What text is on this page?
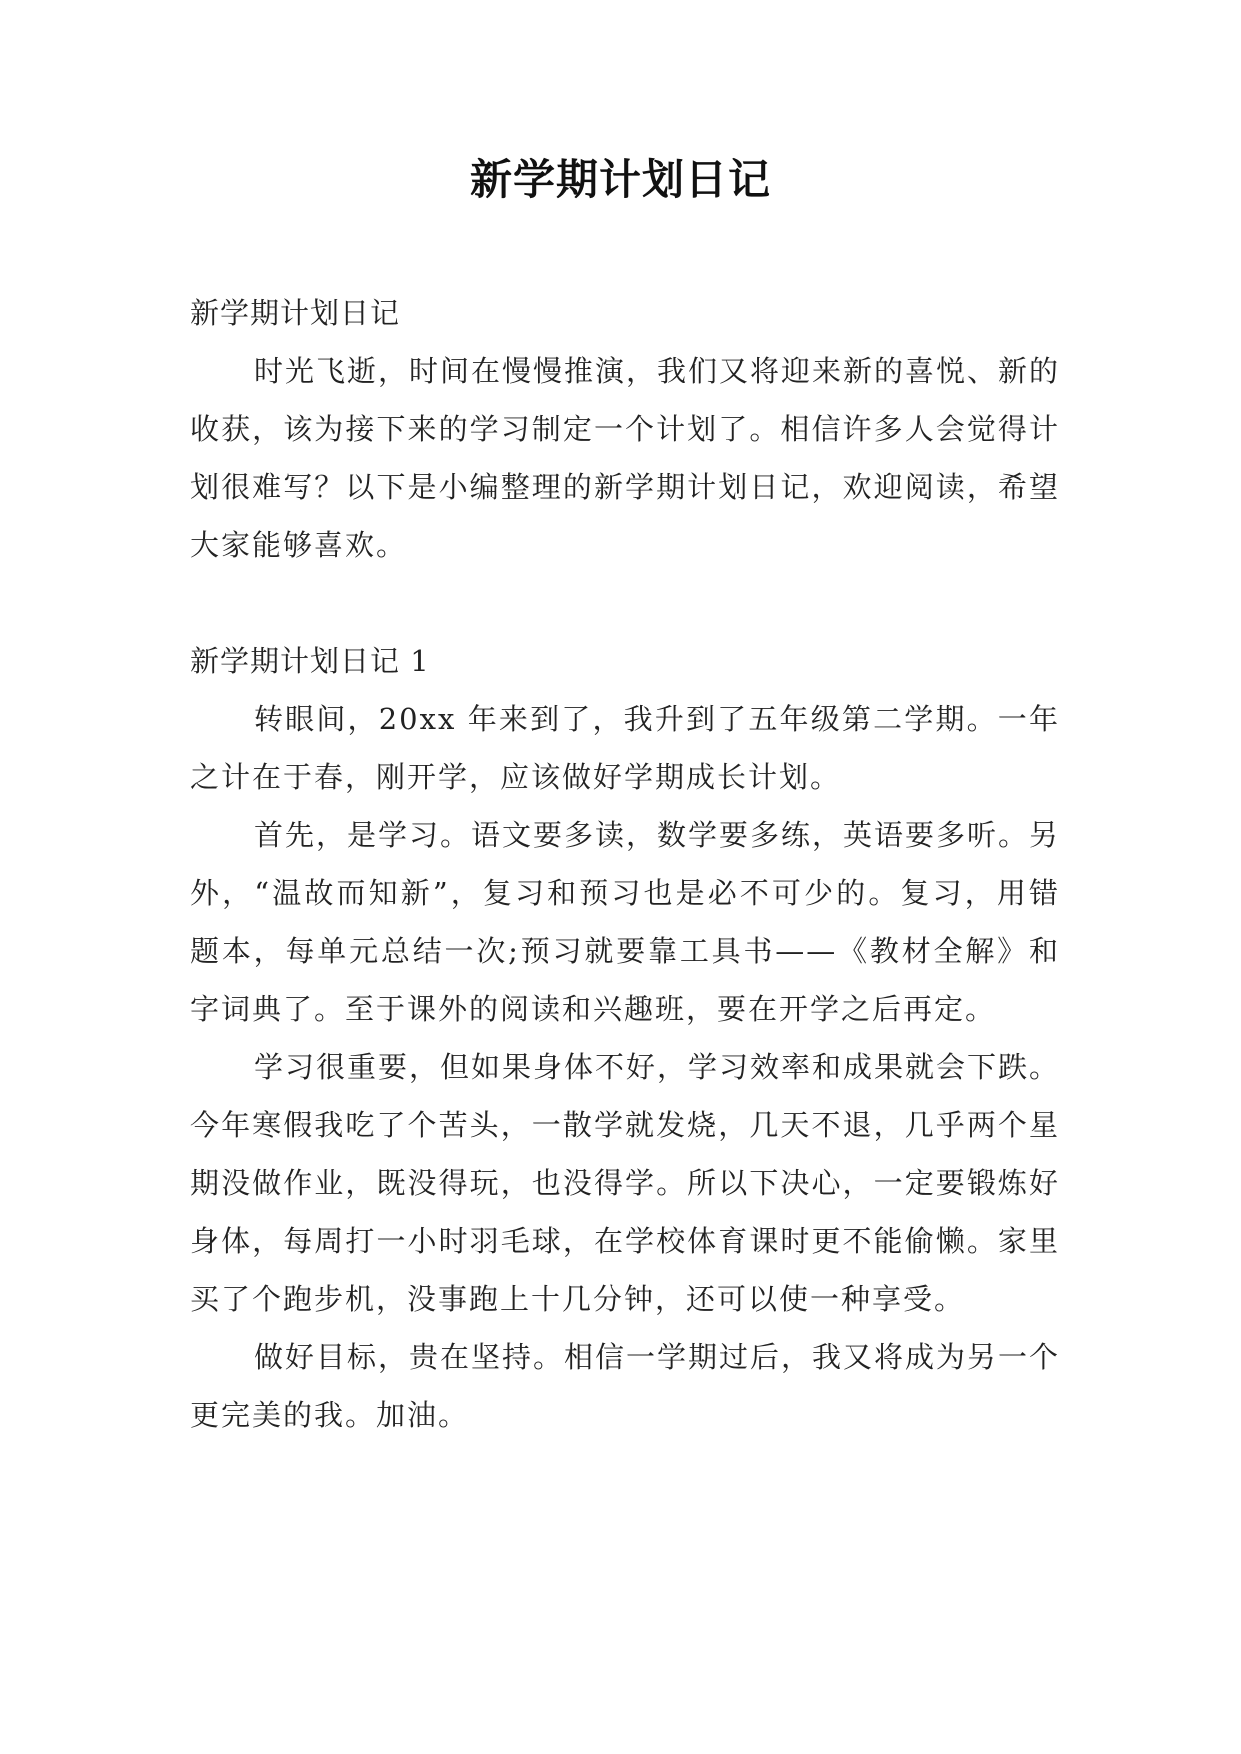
新学期计划日记

新学期计划日记

时光飞逝，时间在慢慢推演，我们又将迎来新的喜悦、新的收获，该为接下来的学习制定一个计划了。相信许多人会觉得计划很难写？以下是小编整理的新学期计划日记，欢迎阅读，希望大家能够喜欢。

新学期计划日记 1

转眼间，20xx 年来到了，我升到了五年级第二学期。一年之计在于春，刚开学，应该做好学期成长计划。

首先，是学习。语文要多读，数学要多练，英语要多听。另外，“温故而知新”，复习和预习也是必不可少的。复习，用错题本，每单元总结一次;预习就要靠工具书——《教材全解》和字词典了。至于课外的阅读和兴趣班，要在开学之后再定。

学习很重要，但如果身体不好，学习效率和成果就会下跌。今年寒假我吃了个苦头，一散学就发烧，几天不退，几乎两个星期没做作业，既没得玩，也没得学。所以下决心，一定要锻炼好身体，每周打一小时羽毛球，在学校体育课时更不能偷懒。家里买了个跑步机，没事跑上十几分钟，还可以使一种享受。

做好目标，贵在坚持。相信一学期过后，我又将成为另一个更完美的我。加油。
